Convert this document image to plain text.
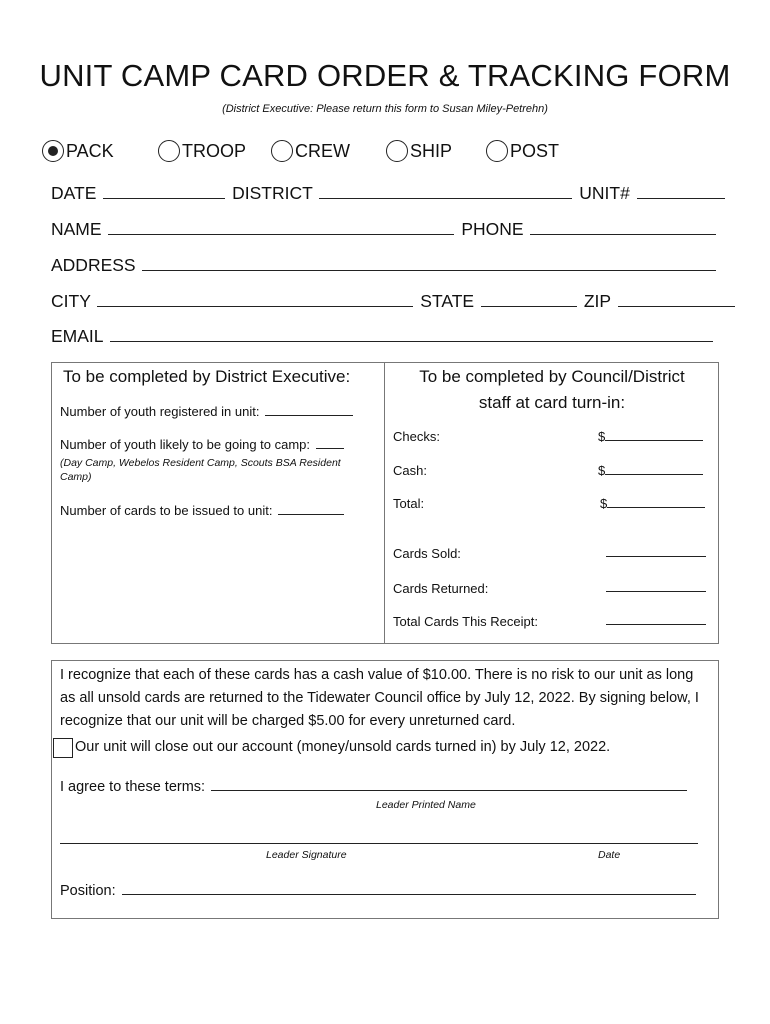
UNIT CAMP CARD ORDER & TRACKING FORM
(District Executive: Please return this form to Susan Miley-Petrehn)
PACK	TROOP	CREW	SHIP	POST
DATE	DISTRICT	UNIT#
NAME	PHONE
ADDRESS
CITY	STATE	ZIP
EMAIL
To be completed by District Executive:
Number of youth registered in unit:
Number of youth likely to be going to camp:
(Day Camp, Webelos Resident Camp, Scouts BSA Resident Camp)
Number of cards to be issued to unit:
To be completed by Council/District
staff at card turn-in:
Checks:	$
Cash:	$
Total:	$
Cards Sold:
Cards Returned:
Total Cards This Receipt:
I recognize that each of these cards has a cash value of $10.00. There is no risk to our unit as long as all unsold cards are returned to the Tidewater Council office by July 12, 2022. By signing below, I recognize that our unit will be charged $5.00 for every unreturned card.
Our unit will close out our account (money/unsold cards turned in) by July 12, 2022.
I agree to these terms:
Leader Printed Name
Leader Signature	Date
Position:
